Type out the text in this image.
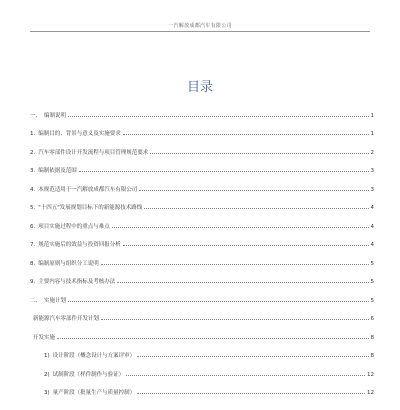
一汽解放成都汽车有限公司
目录
一、 编制说明	1
1. 编制目的、背景与意义及实施要求	1
2. 汽车零部件设计开发流程与项目管理规范要求	2
3. 编制依据及范围	3
4. 本规范适用于一汽解放成都汽车有限公司	3
5. "十四五"发展规划目标下的新能源技术路线	4
6. 项目实施过程中的重点与难点	4
7. 规范实施后的效益与投资回报分析	4
8. 编制原则与组织分工说明	5
9. 主要内容与技术指标及考核办法	5
二、 实施计划	5
新能源汽车零部件开发计划	6
开发实施	8
1) 设计阶段（概念设计与方案评审）	8
2) 试制阶段（样件制作与验证）	12
3) 量产阶段（批量生产与质量控制）	12
